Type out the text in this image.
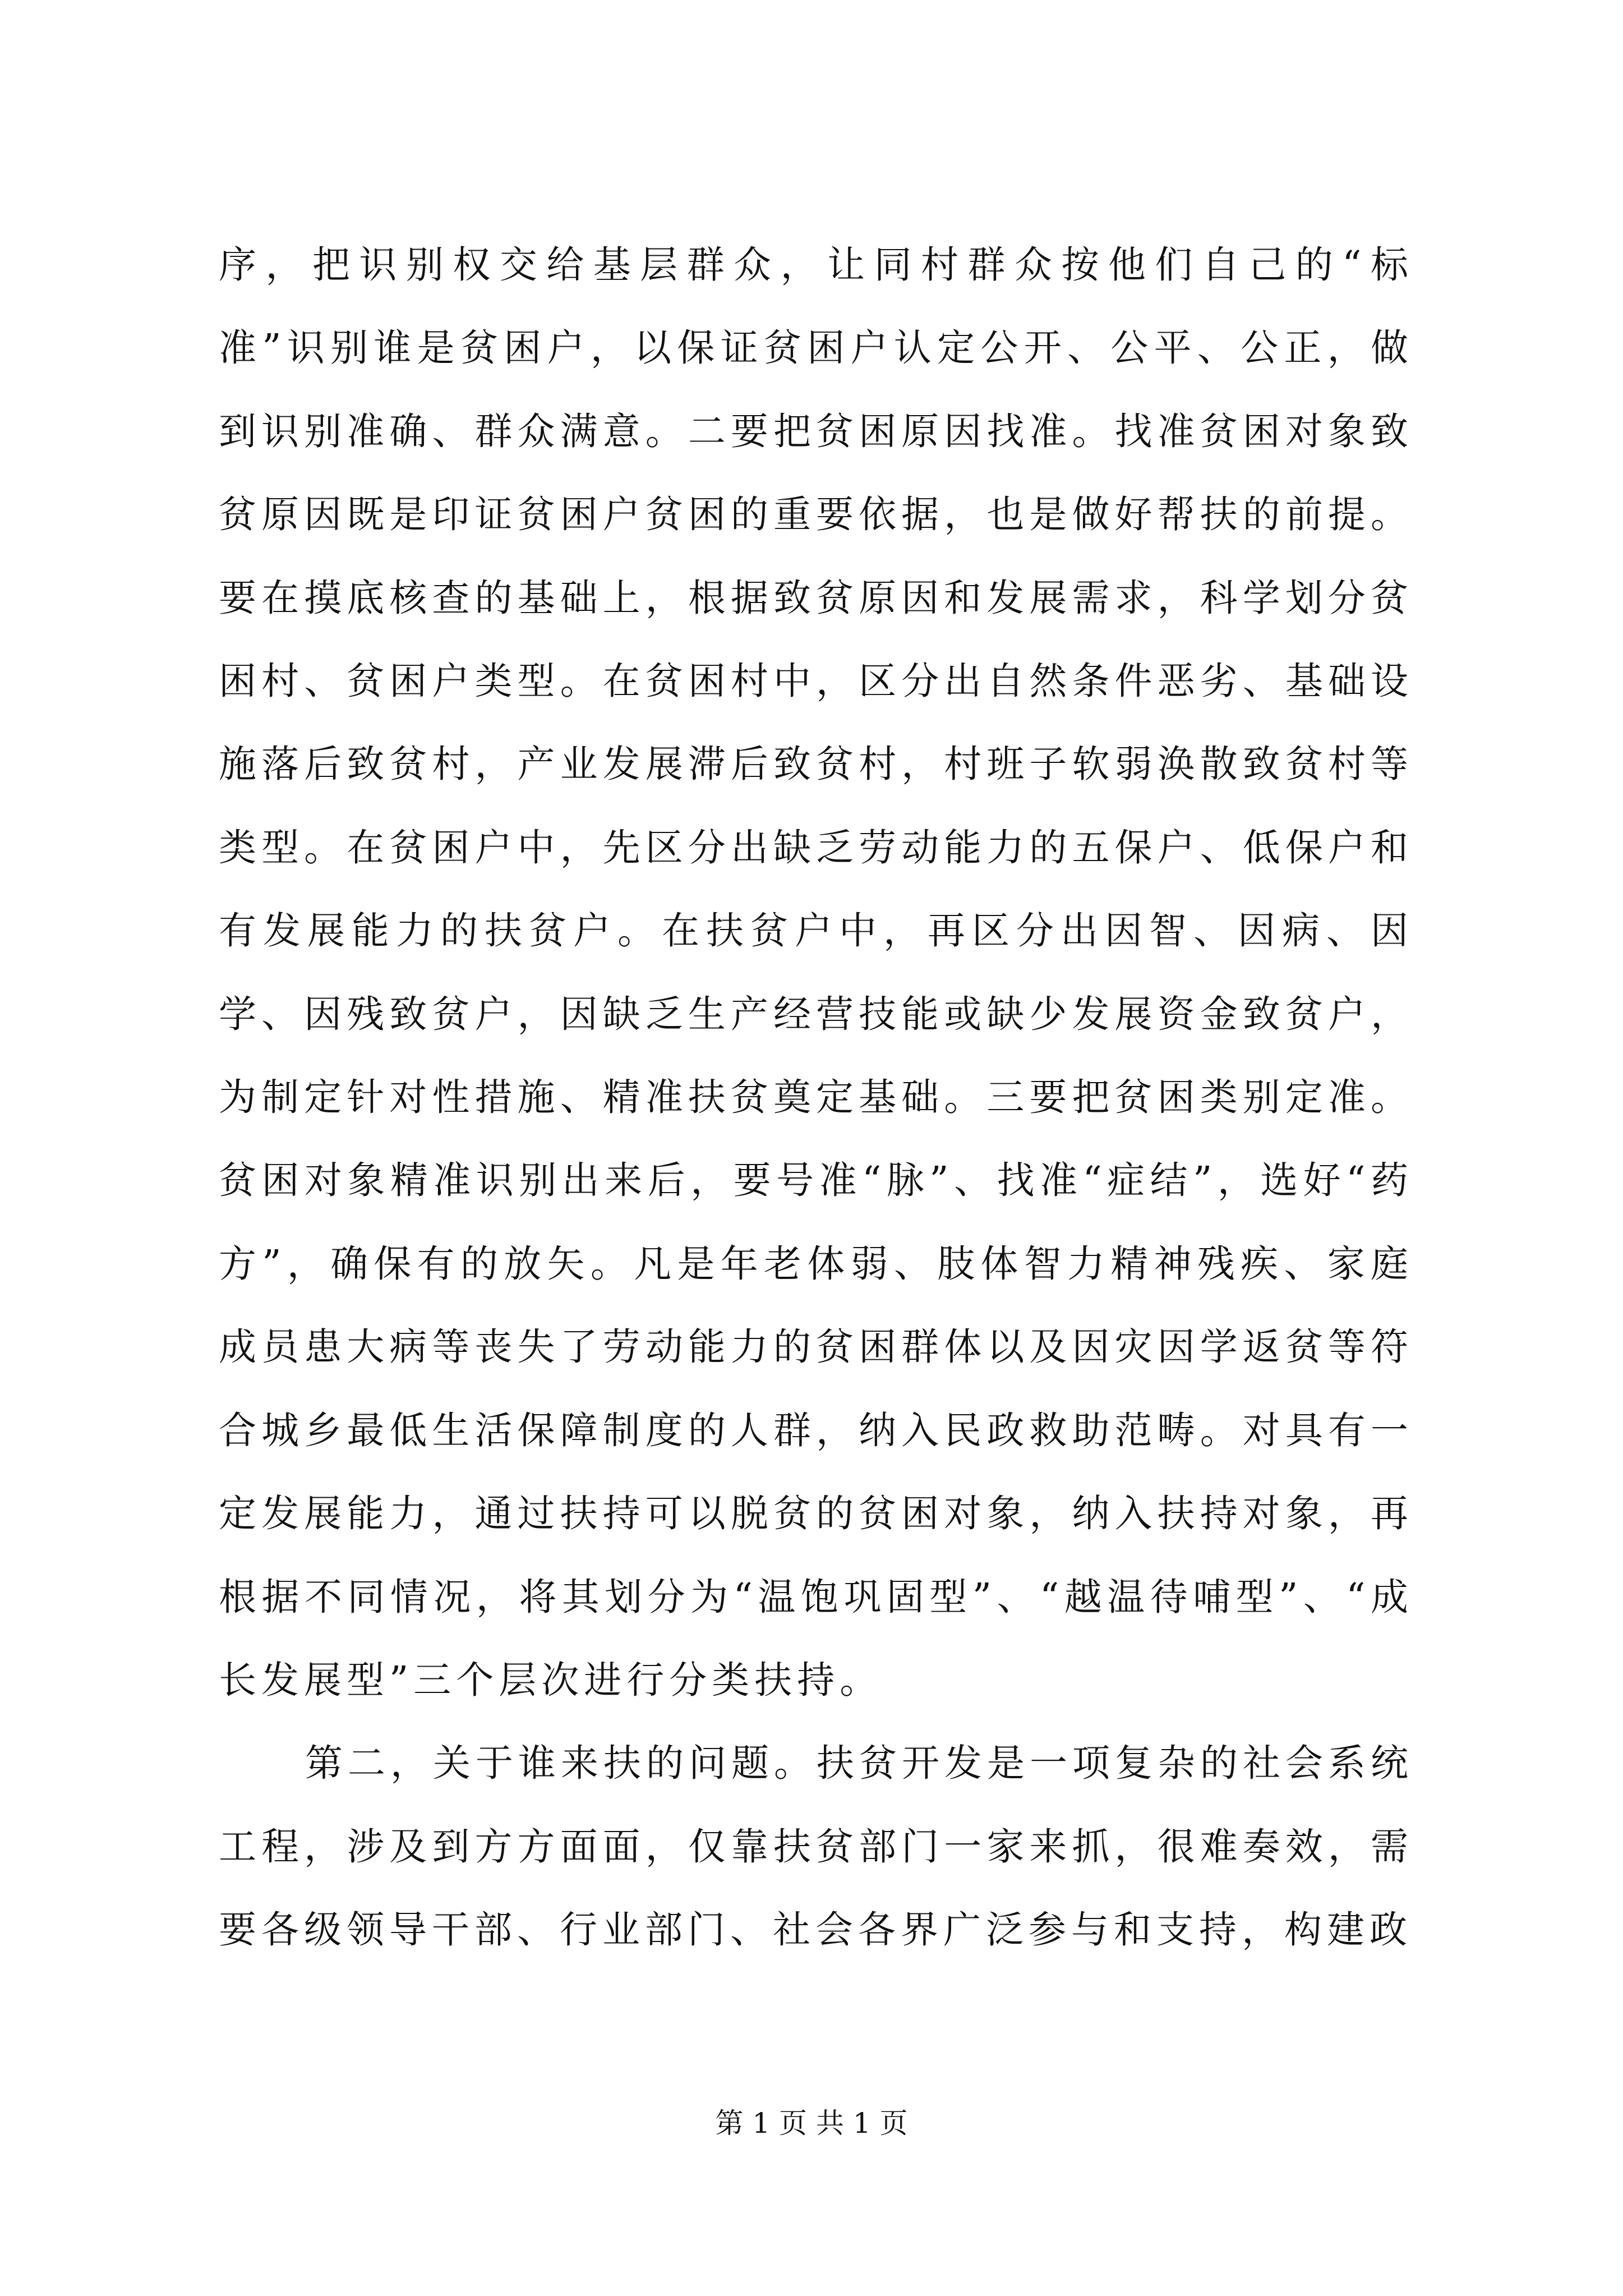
序，把识别权交给基层群众，让同村群众按他们自己的“标准”识别谁是贫困户，以保证贫困户认定公开、公平、公正，做到识别准确、群众满意。二要把贫困原因找准。找准贫困对象致贫原因既是印证贫困户贫困的重要依据，也是做好帮扶的前提。要在摸底核查的基础上，根据致贫原因和发展需求，科学划分贫困村、贫困户类型。在贫困村中，区分出自然条件恶劣、基础设施落后致贫村，产业发展滞后致贫村，村班子软弱涣散致贫村等类型。在贫困户中，先区分出缺乏劳动能力的五保户、低保户和有发展能力的扶贫户。在扶贫户中，再区分出因智、因病、因学、因残致贫户，因缺乏生产经营技能或缺少发展资金致贫户，为制定针对性措施、精准扶贫奠定基础。三要把贫困类别定准。贫困对象精准识别出来后，要号准“脉”、找准“症结”，选好“药方”，确保有的放矢。凡是年老体弱、肢体智力精神残疾、家庭成员患大病等丧失了劳动能力的贫困群体以及因灾因学返贫等符合城乡最低生活保障制度的人群，纳入民政救助范畴。对具有一定发展能力，通过扶持可以脱贫的贫困对象，纳入扶持对象，再根据不同情况，将其划分为“温饱巩固型”、“越温待哺型”、“成长发展型”三个层次进行分类扶持。

第二，关于谁来扶的问题。扶贫开发是一项复杂的社会系统工程，涉及到方方面面，仅靠扶贫部门一家来抓，很难奏效，需要各级领导干部、行业部门、社会各界广泛参与和支持，构建政

第 1 页 共 1 页
